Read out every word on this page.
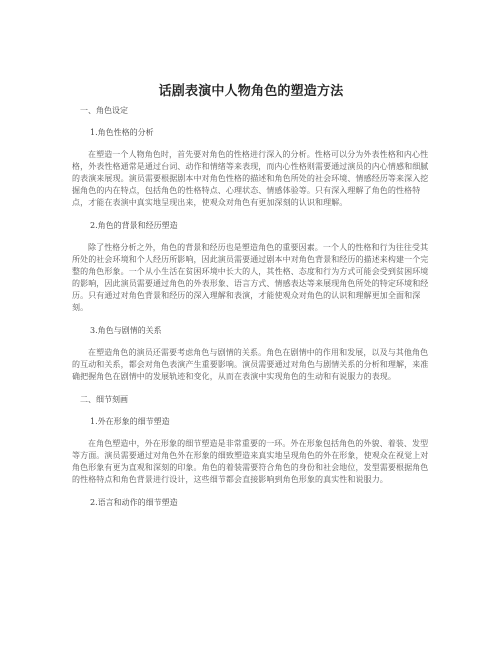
话剧表演中人物角色的塑造方法
一、角色设定
1.角色性格的分析
在塑造一个人物角色时，首先要对角色的性格进行深入的分析。性格可以分为外表性格和内心性格，外表性格通常是通过台词、动作和情绪等来表现，而内心性格则需要通过演员的内心情感和细腻的表演来展现。演员需要根据剧本中对角色性格的描述和角色所处的社会环境、情感经历等来深入挖掘角色的内在特点，包括角色的性格特点、心理状态、情感体验等。只有深入理解了角色的性格特点，才能在表演中真实地呈现出来，使观众对角色有更加深刻的认识和理解。
2.角色的背景和经历塑造
除了性格分析之外，角色的背景和经历也是塑造角色的重要因素。一个人的性格和行为往往受其所处的社会环境和个人经历所影响，因此演员需要通过剧本中对角色背景和经历的描述来构建一个完整的角色形象。一个从小生活在贫困环境中长大的人，其性格、态度和行为方式可能会受到贫困环境的影响，因此演员需要通过角色的外表形象、语言方式、情感表达等来展现角色所处的特定环境和经历。只有通过对角色背景和经历的深入理解和表演，才能使观众对角色的认识和理解更加全面和深刻。
3.角色与剧情的关系
在塑造角色的演员还需要考虑角色与剧情的关系。角色在剧情中的作用和发展，以及与其他角色的互动和关系，都会对角色表演产生重要影响。演员需要通过对角色与剧情关系的分析和理解，来准确把握角色在剧情中的发展轨迹和变化，从而在表演中实现角色的生动和有说服力的表现。
二、细节刻画
1.外在形象的细节塑造
在角色塑造中，外在形象的细节塑造是非常重要的一环。外在形象包括角色的外貌、着装、发型等方面。演员需要通过对角色外在形象的细致塑造来真实地呈现角色的外在形象，使观众在视觉上对角色形象有更为直观和深刻的印象。角色的着装需要符合角色的身份和社会地位，发型需要根据角色的性格特点和角色背景进行设计，这些细节都会直接影响到角色形象的真实性和说服力。
2.语言和动作的细节塑造
